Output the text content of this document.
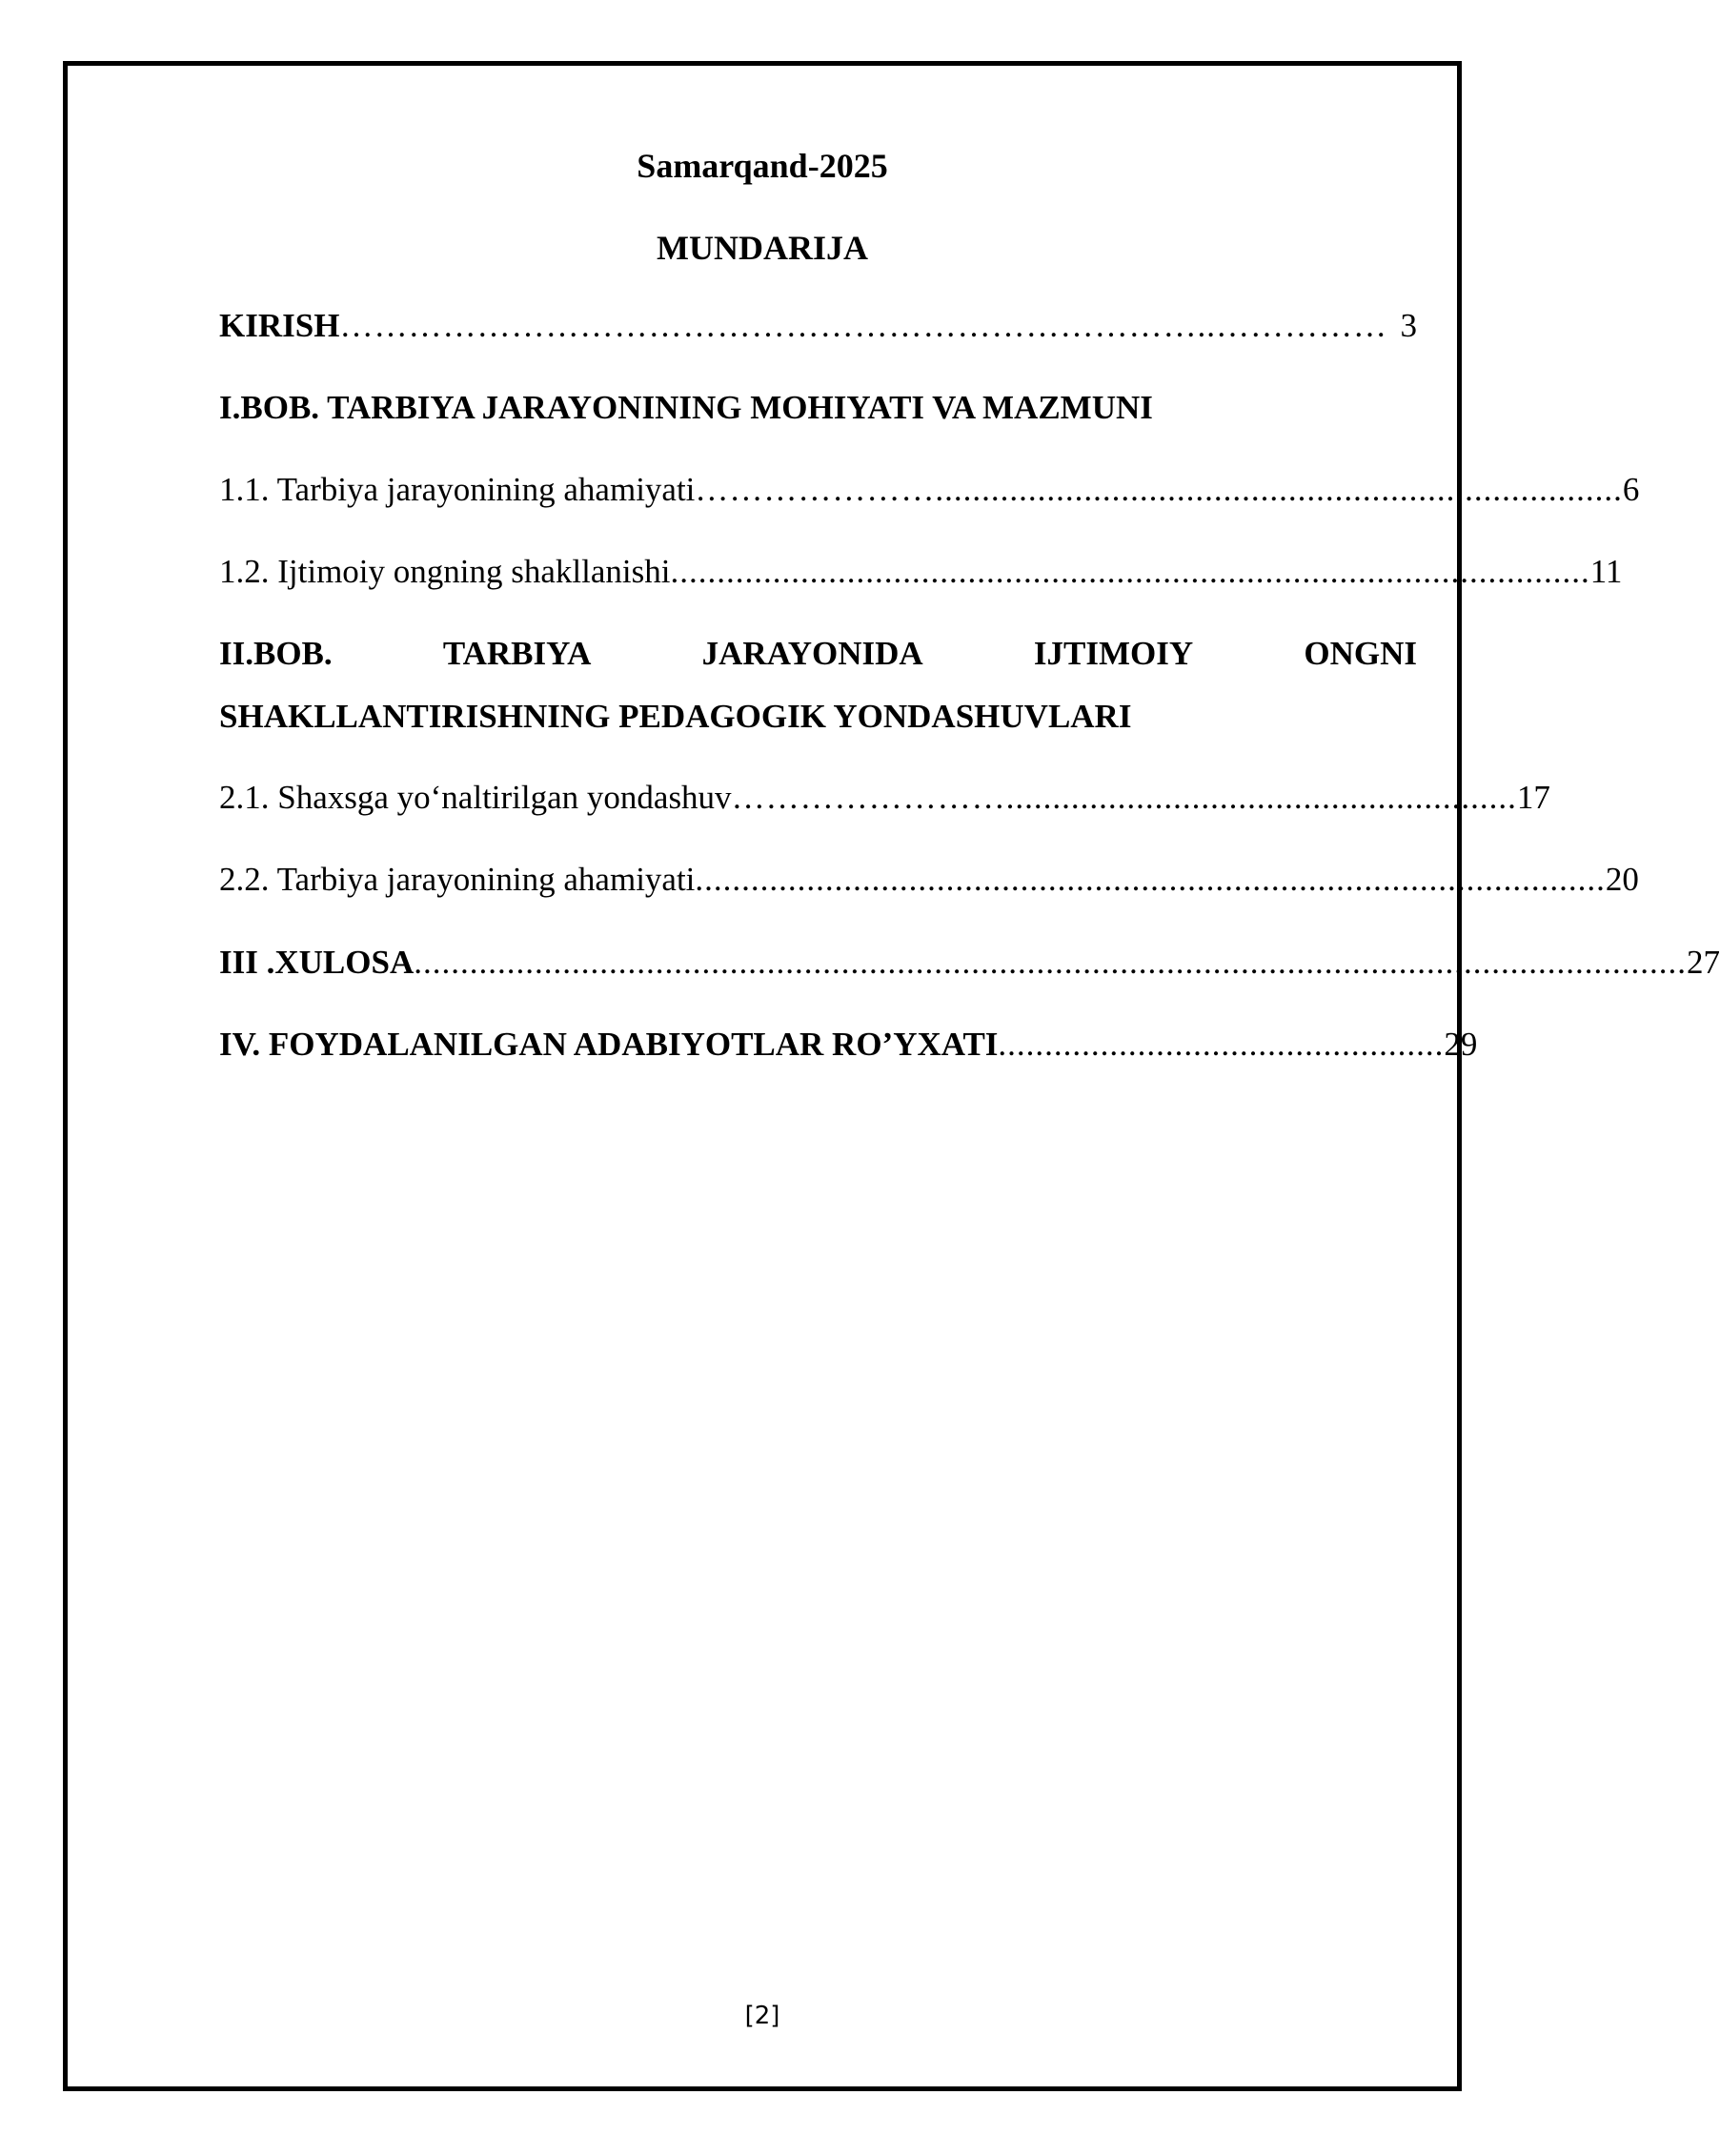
Samarqand-2025
MUNDARIJA
KIRISH …………………………………………………………………..…………… 3
I.BOB. TARBIYA JARAYONINING MOHIYATI VA MAZMUNI
1.1. Tarbiya jarayonining ahamiyati ………………….......................................................................... 6
1.2. Ijtimoiy ongning shakllanishi ................................................................................................... 11
II.BOB.	TARBIYA	JARAYONIDA	IJTIMOIY	ONGNI
SHAKLLANTIRISHNING PEDAGOGIK YONDASHUVLARI
2.1. Shaxsga yo‘naltirilgan yondashuv ……………………....................................................... 17
2.2. Tarbiya jarayonining ahamiyati .................................................................................................. 20
III .XULOSA ......................................................................................................................................... 27
IV. FOYDALANILGAN ADABIYOTLAR RO’YXATI ................................................ 29
[2]
